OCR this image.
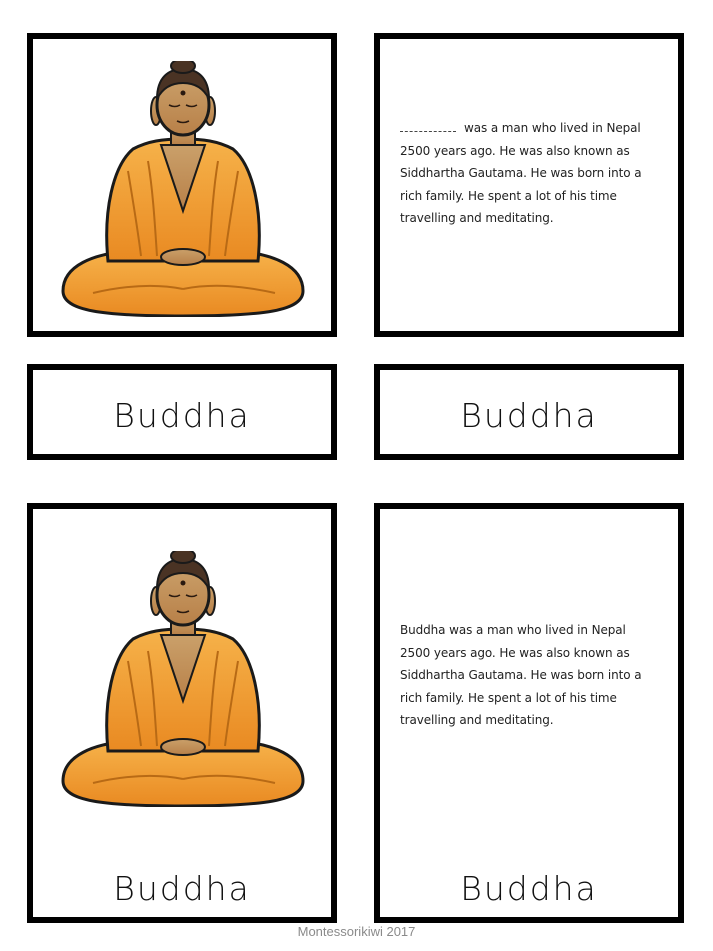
was a man who lived in Nepal 2500 years ago. He was also known as Siddhartha Gautama. He was born into a rich family. He spent a lot of his time travelling and meditating.
Buddha	Buddha
Buddha
Buddha was a man who lived in Nepal 2500 years ago. He was also known as Siddhartha Gautama. He was born into a rich family. He spent a lot of his time travelling and meditating.
Buddha
Montessorikiwi 2017
